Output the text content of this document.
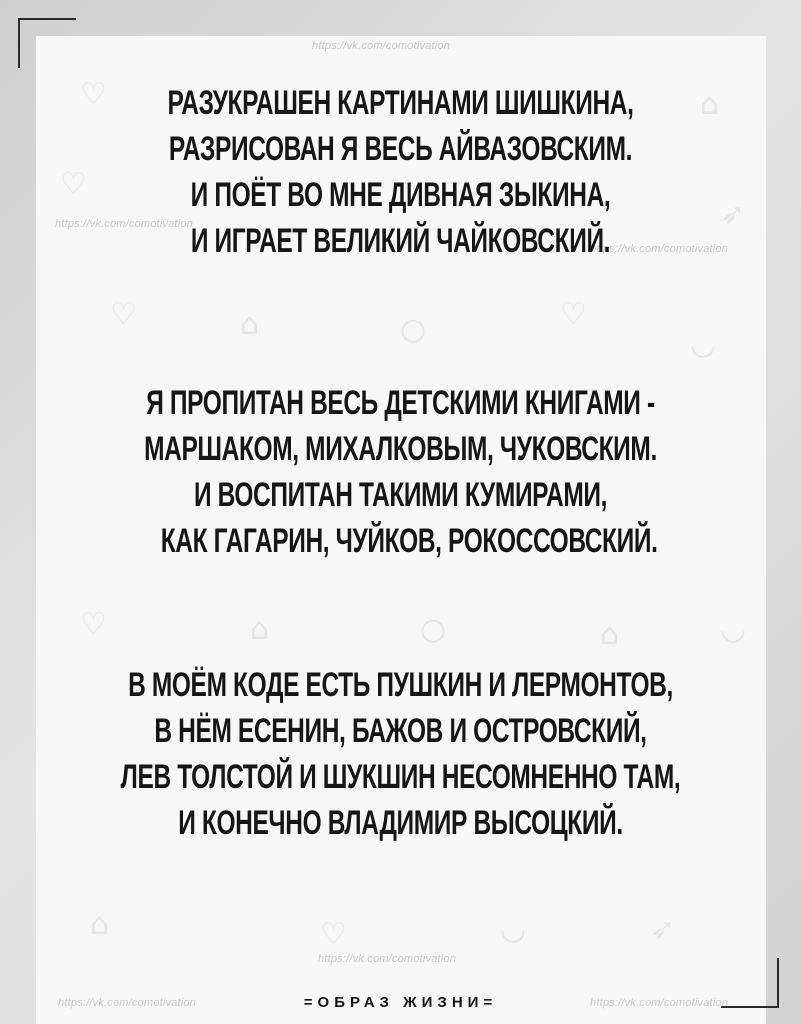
♡	⌂
♡
➶
♡	⌂	○	♡
◡
♡	⌂	○	⌂	◡
⌂	♡	◡	➶
https://vk.com/comotivation
https://vk.com/comotivation
https://vk.com/comotivation
https://vk.com/comotivation
https://vk.com/comotivation	https://vk.com/comotivation
РАЗУКРАШЕН КАРТИНАМИ ШИШКИНА,
РАЗРИСОВАН Я ВЕСЬ АЙВАЗОВСКИМ.
И ПОЁТ ВО МНЕ ДИВНАЯ ЗЫКИНА,
И ИГРАЕТ ВЕЛИКИЙ ЧАЙКОВСКИЙ.
Я ПРОПИТАН ВЕСЬ ДЕТСКИМИ КНИГАМИ -
МАРШАКОМ, МИХАЛКОВЫМ, ЧУКОВСКИМ.
И ВОСПИТАН ТАКИМИ КУМИРАМИ,
КАК ГАГАРИН, ЧУЙКОВ, РОКОССОВСКИЙ.
В МОЁМ КОДЕ ЕСТЬ ПУШКИН И ЛЕРМОНТОВ,
В НЁМ ЕСЕНИН, БАЖОВ И ОСТРОВСКИЙ,
ЛЕВ ТОЛСТОЙ И ШУКШИН НЕСОМНЕННО ТАМ,
И КОНЕЧНО ВЛАДИМИР ВЫСОЦКИЙ.
=ОБРАЗ ЖИЗНИ=
